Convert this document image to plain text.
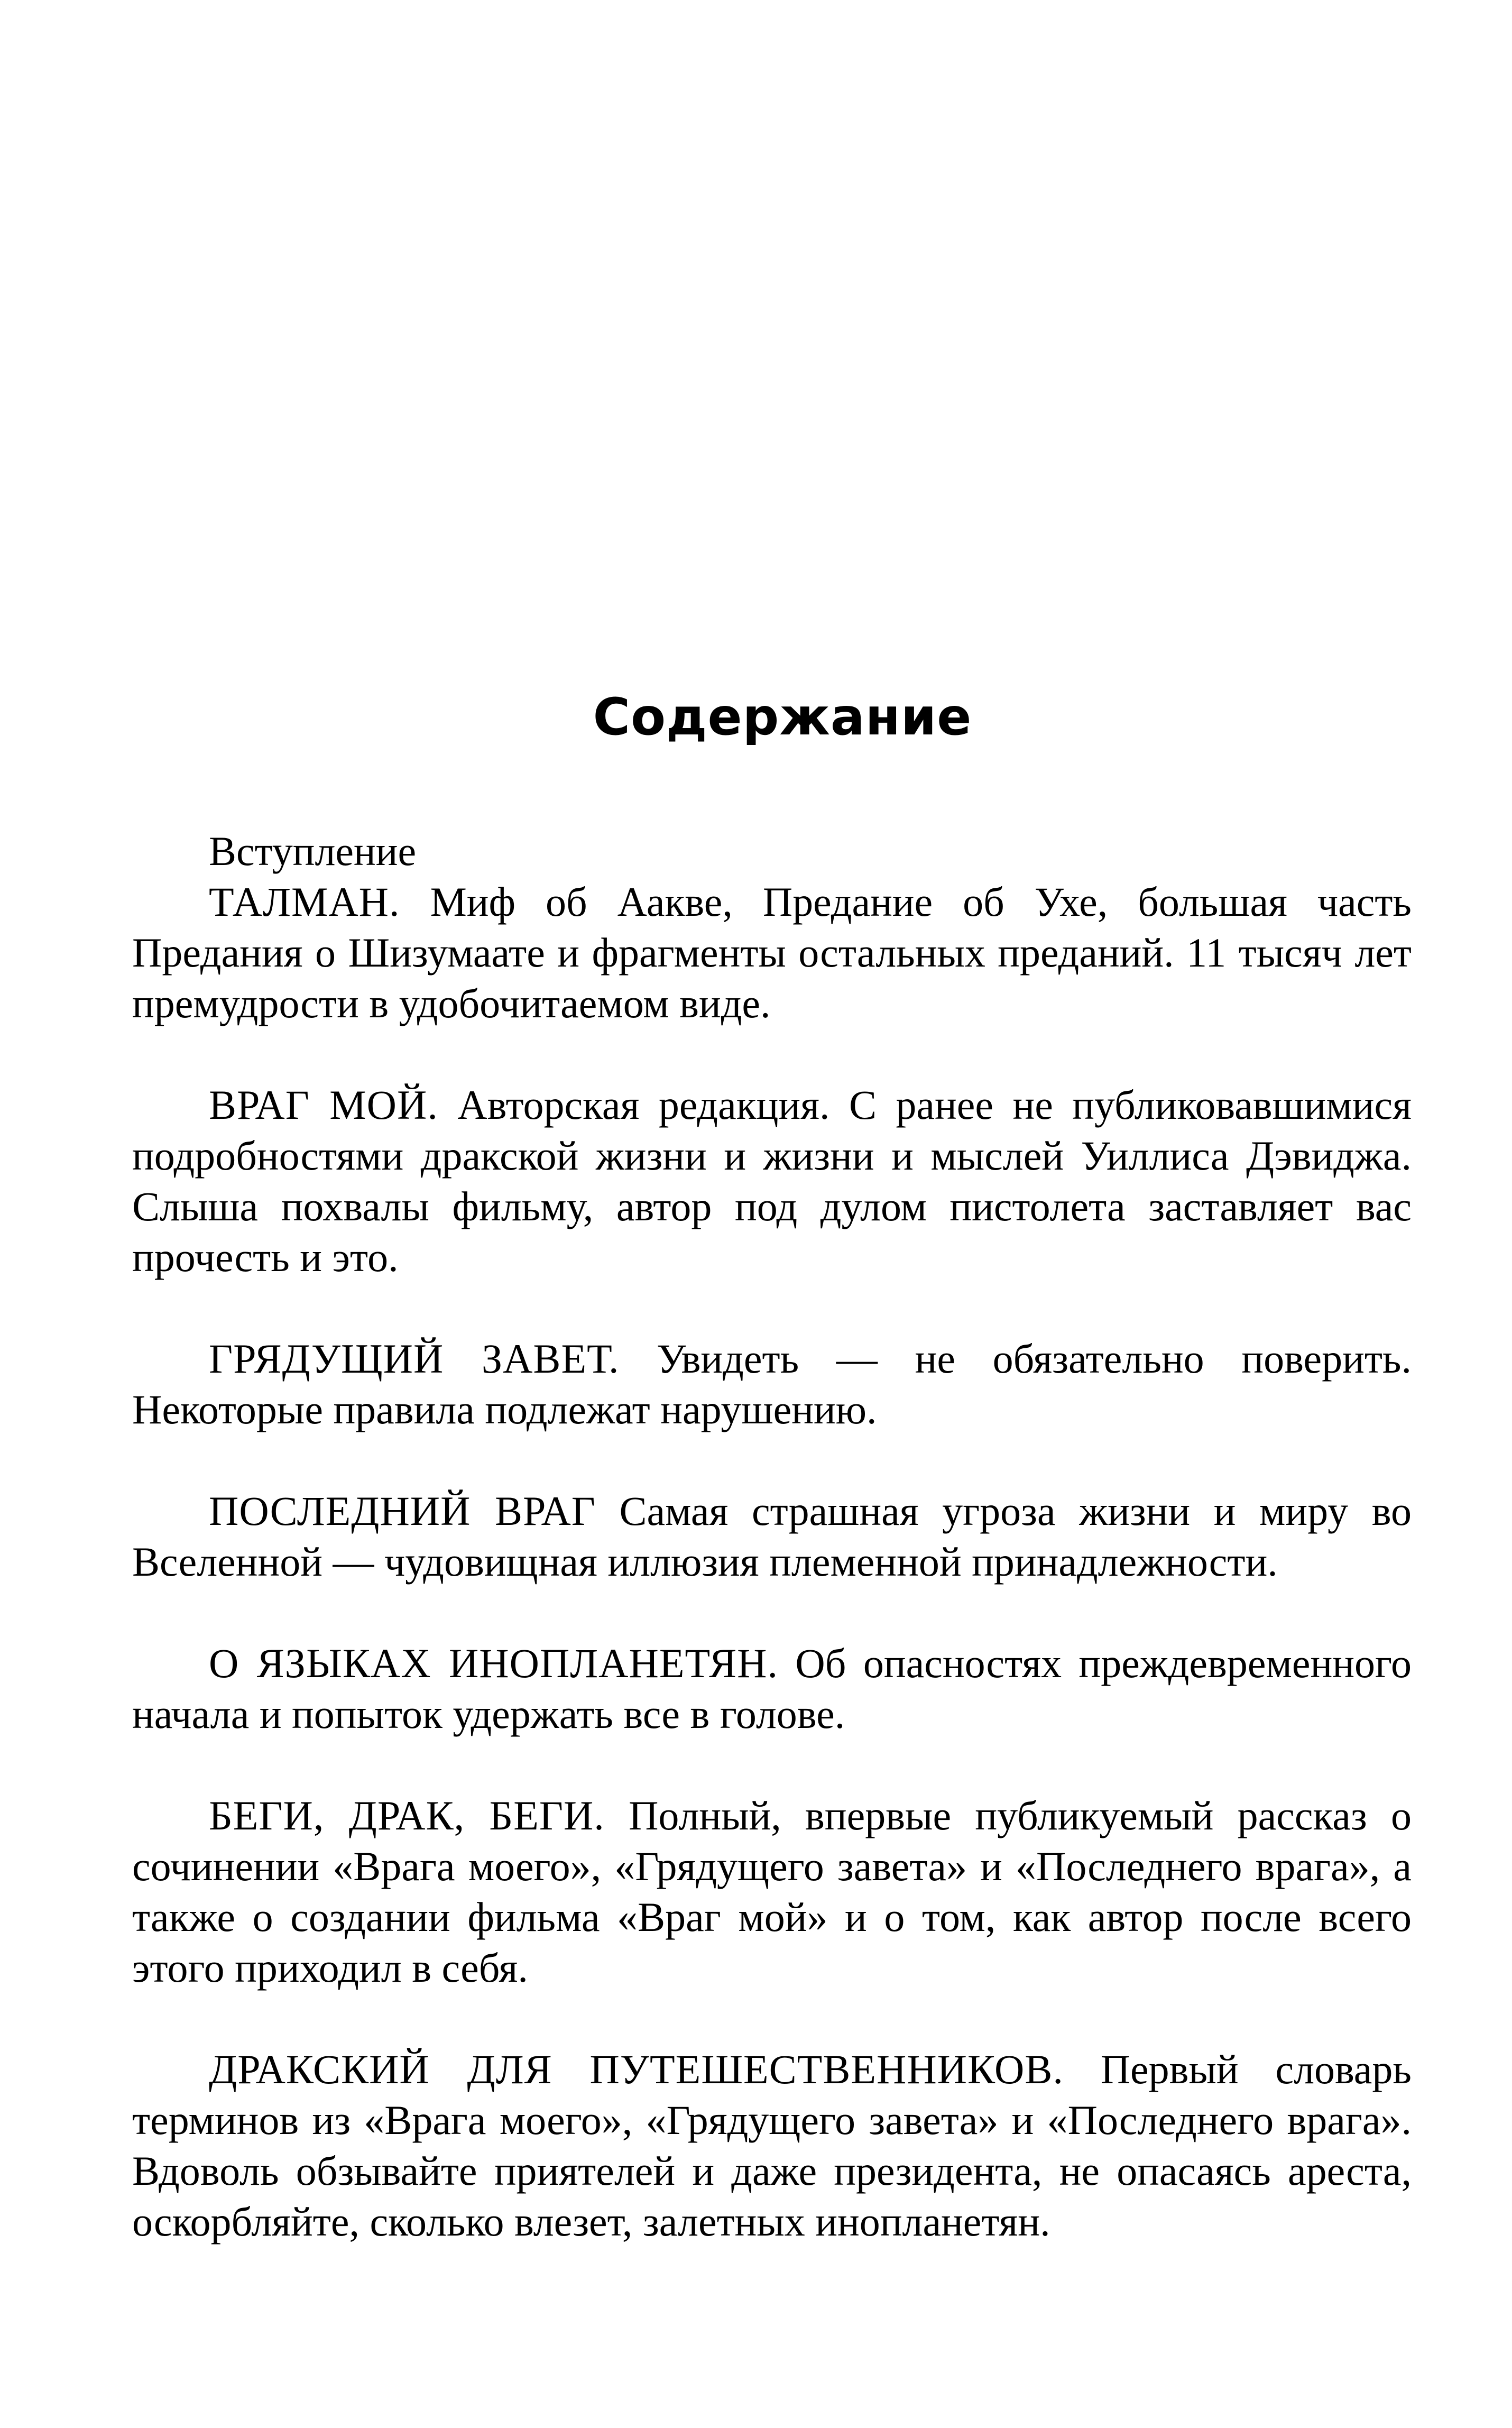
Содержание

Вступление

ТАЛМАН. Миф об Аакве, Предание об Ухе, большая часть Предания о Шизумаате и фрагменты остальных преданий. 11 тысяч лет премудрости в удобочитаемом виде.

ВРАГ МОЙ. Авторская редакция. С ранее не публиковавшимися подробностями дракской жизни и жизни и мыслей Уиллиса Дэвиджа. Слыша похвалы фильму, автор под дулом пистолета заставляет вас прочесть и это.

ГРЯДУЩИЙ ЗАВЕТ. Увидеть — не обязательно поверить. Некоторые правила подлежат нарушению.

ПОСЛЕДНИЙ ВРАГ Самая страшная угроза жизни и миру во Вселенной — чудовищная иллюзия племенной принадлежности.

О ЯЗЫКАХ ИНОПЛАНЕТЯН. Об опасностях преждевременного начала и попыток удержать все в голове.

БЕГИ, ДРАК, БЕГИ. Полный, впервые публикуемый рассказ о сочинении «Врага моего», «Грядущего завета» и «Последнего врага», а также о создании фильма «Враг мой» и о том, как автор после всего этого приходил в себя.

ДРАКСКИЙ ДЛЯ ПУТЕШЕСТВЕННИКОВ. Первый словарь терминов из «Врага моего», «Грядущего завета» и «Последнего врага». Вдоволь обзывайте приятелей и даже президента, не опасаясь ареста, оскорбляйте, сколько влезет, залетных инопланетян.
